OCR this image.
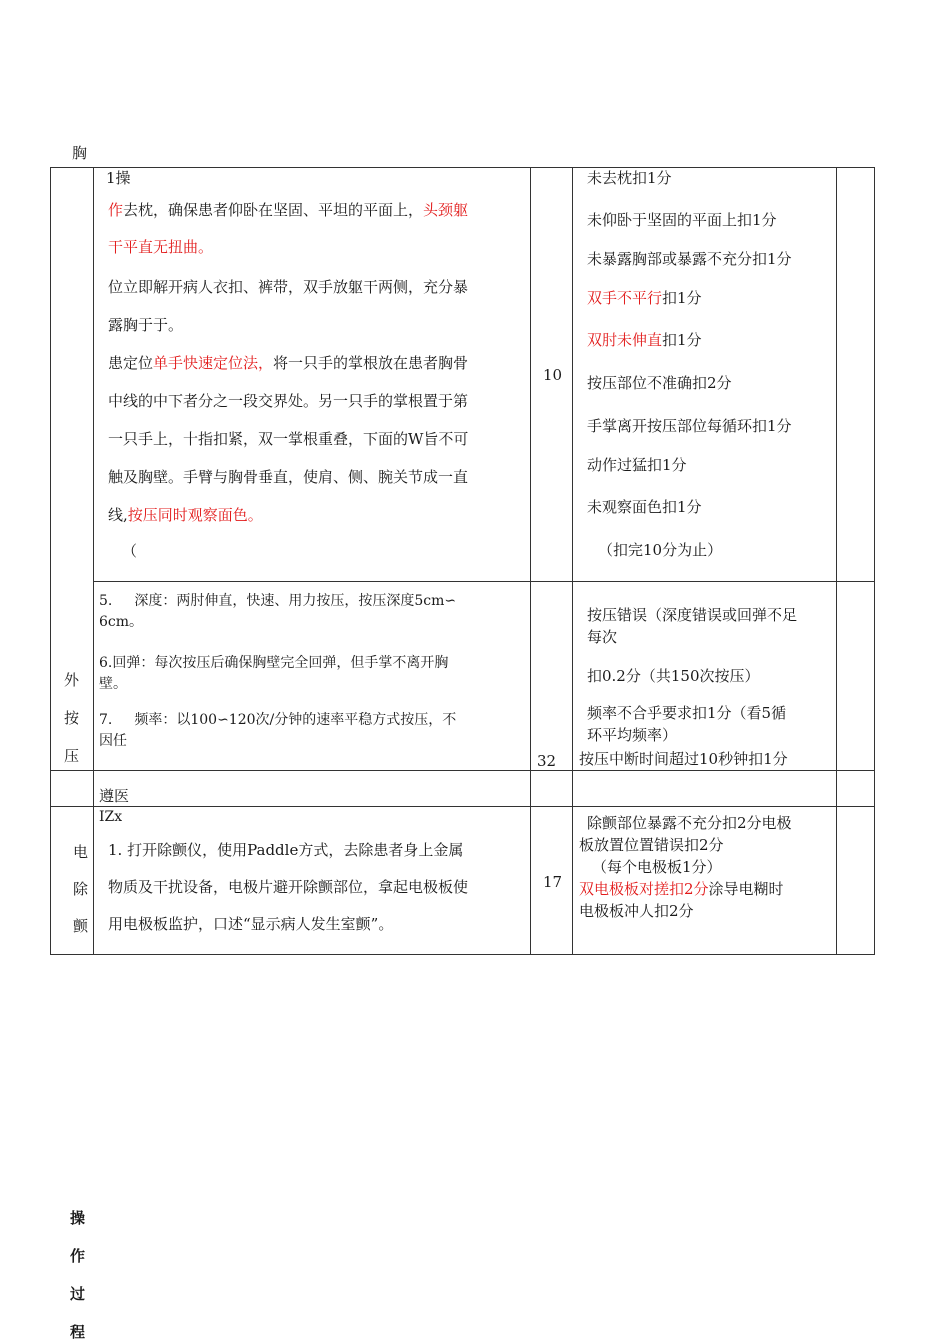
胸
1操
作去枕，确保患者仰卧在坚固、平坦的平面上，头颈躯
干平直无扭曲。
位立即解开病人衣扣、裤带，双手放躯干两侧，充分暴
露胸于于。
患定位单手快速定位法，将一只手的掌根放在患者胸骨
中线的中下者分之一段交界处。另一只手的掌根置于第
一只手上，十指扣紧，双一掌根重叠，下面的W旨不可
触及胸壁。手臂与胸骨垂直，使肩、侧、腕关节成一直
线,按压同时观察面色。
（
10
未去枕扣1分
未仰卧于坚固的平面上扣1分
未暴露胸部或暴露不充分扣1分
双手不平行扣1分
双肘未伸直扣1分
按压部位不准确扣2分
手掌离开按压部位每循环扣1分
动作过猛扣1分
未观察面色扣1分
（扣完10分为止）
外
按
压
5. 深度：两肘伸直，快速、用力按压，按压深度5cm∽
6cm。
6.回弹：每次按压后确保胸壁完全回弹，但手掌不离开胸
壁。
7. 频率：以100∽120次/分钟的速率平稳方式按压，不
因任
32
按压错误（深度错误或回弹不足
每次
扣0.2分（共150次按压）
频率不合乎要求扣1分（看5循
环平均频率）
按压中断时间超过10秒钟扣1分
遵医
电
除
颤
IZx
1. 打开除颤仪，使用Paddle方式，去除患者身上金属
物质及干扰设备，电极片避开除颤部位，拿起电极板使
用电极板监护，口述“显示病人发生室颤”。
17
除颤部位暴露不充分扣2分电极
板放置位置错误扣2分
（每个电极板1分）
双电极板对搓扣2分涂导电糊时
电极板冲人扣2分
操
作
过
程
